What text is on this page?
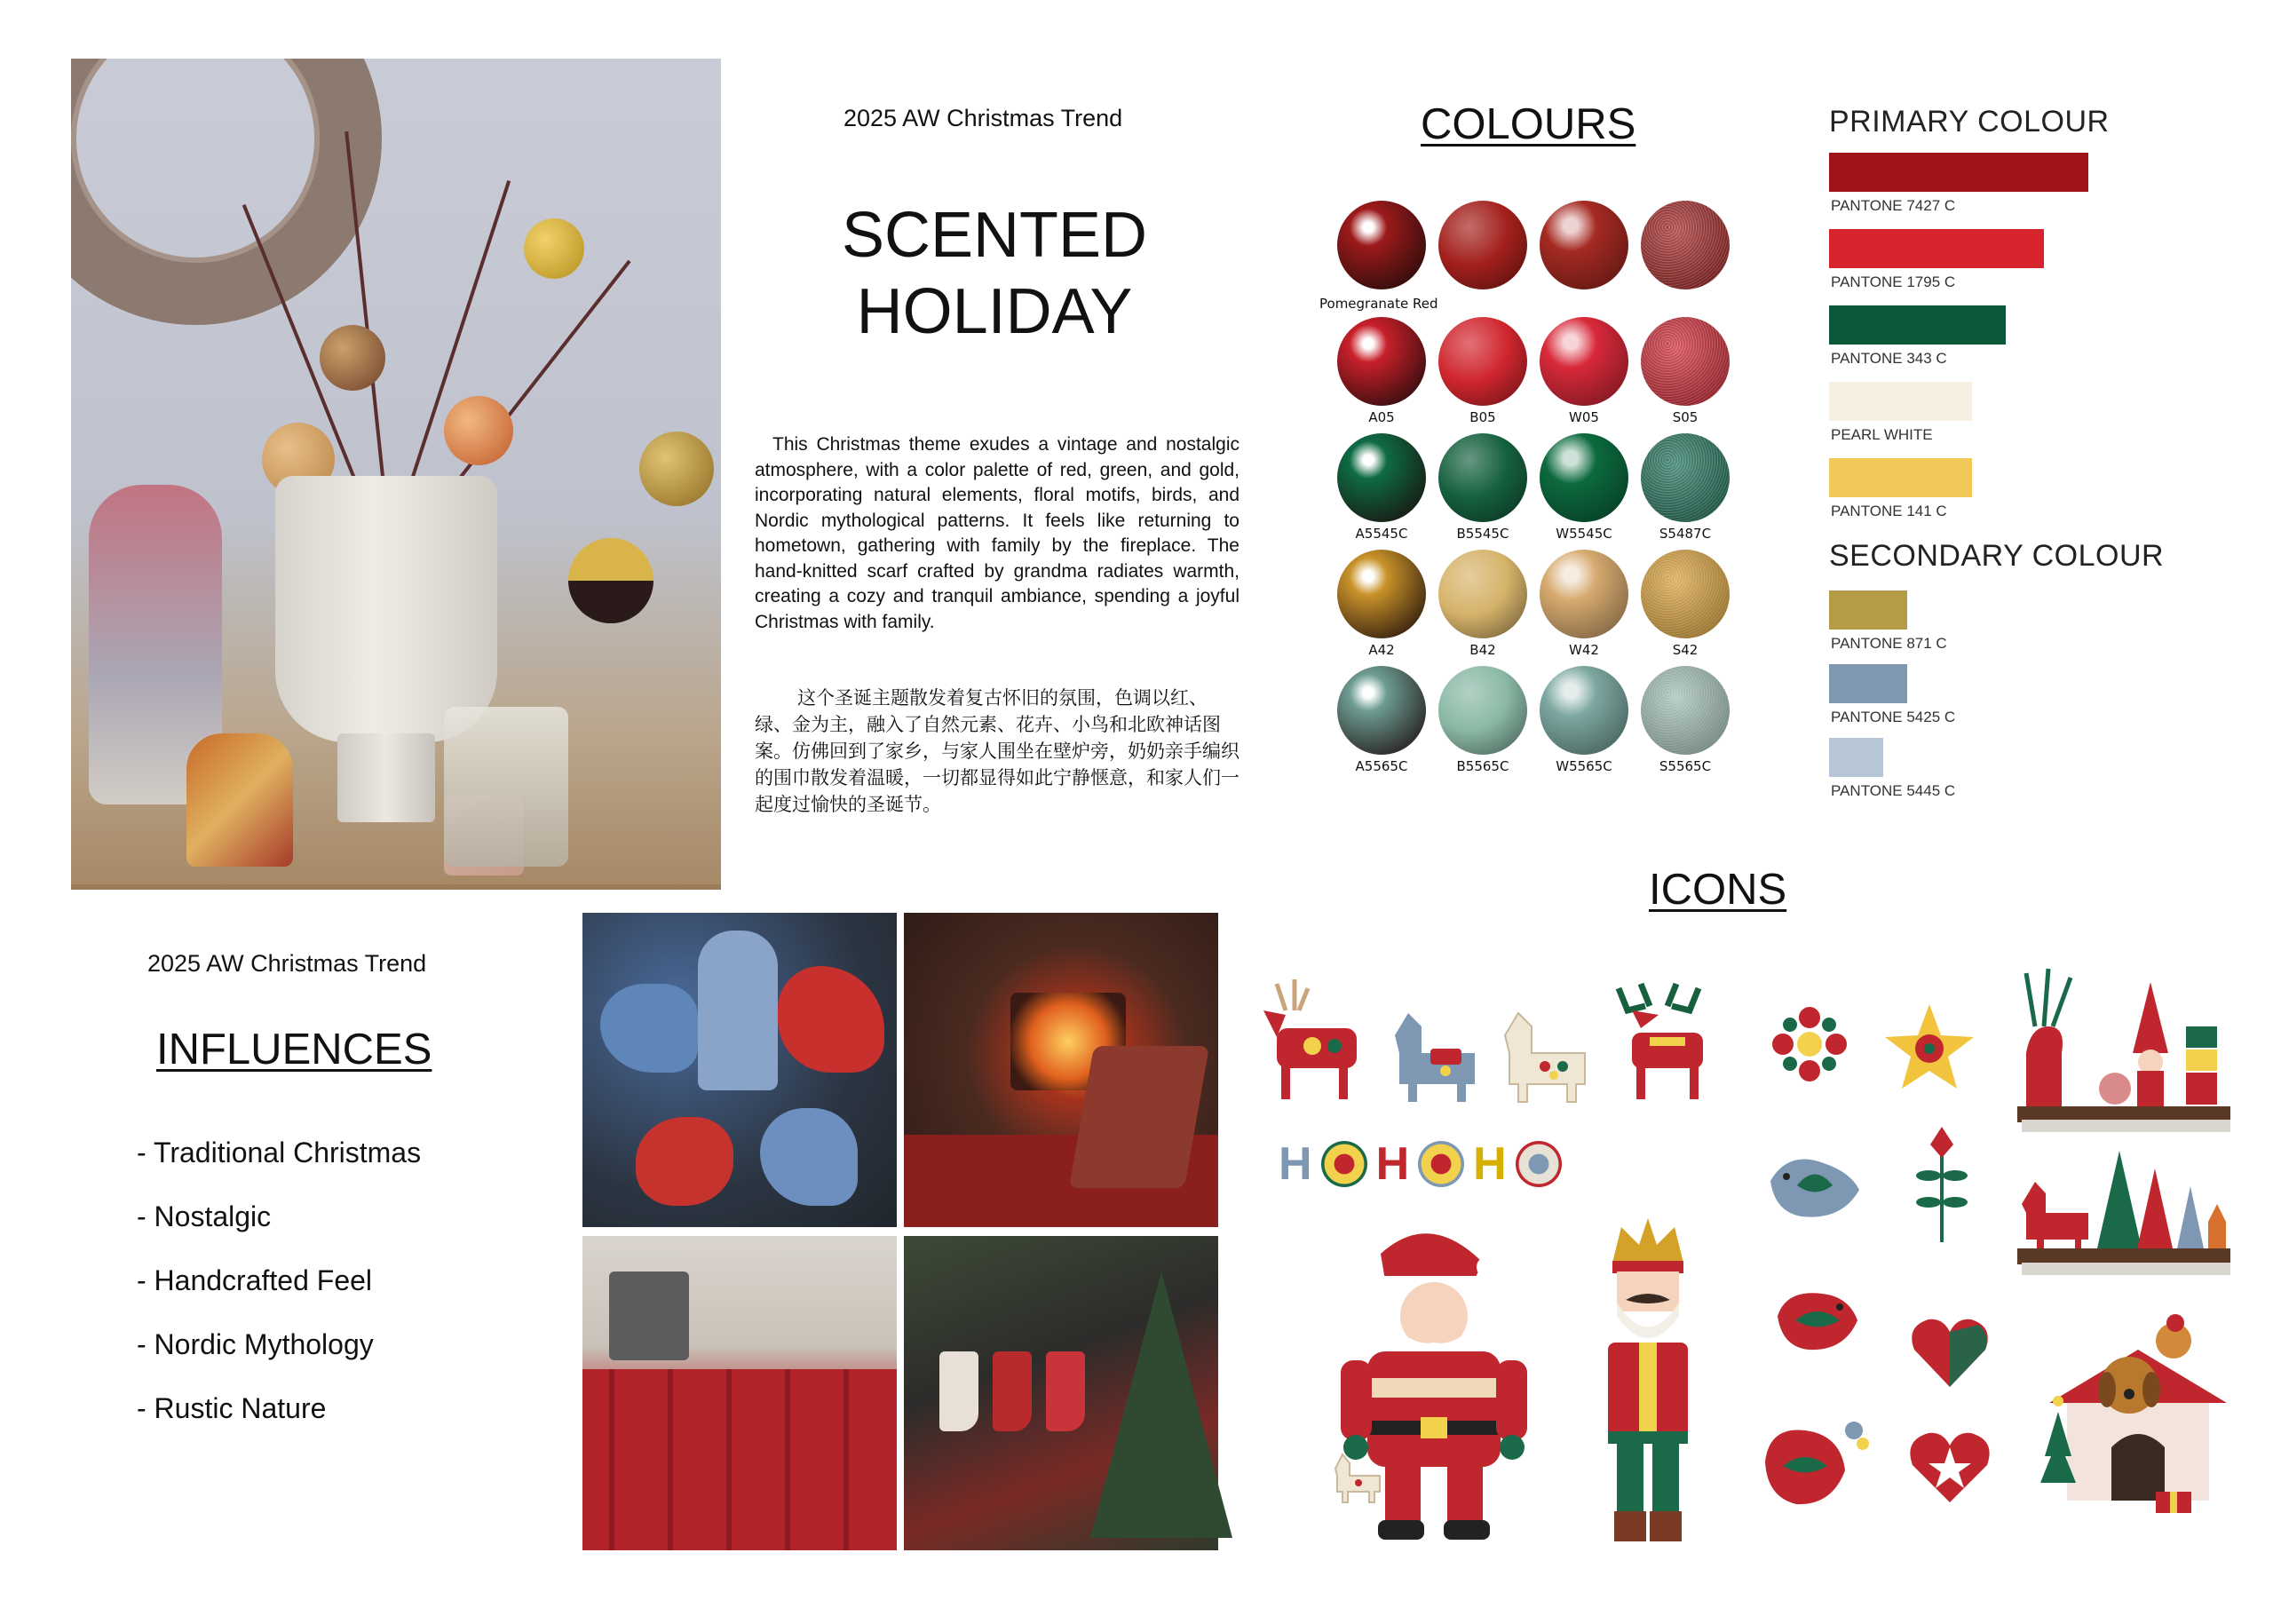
2025 AW Christmas Trend
SCENTED
HOLIDAY
This Christmas theme exudes a vintage and nostalgic atmosphere, with a color palette of red, green, and gold, incorporating natural elements, floral motifs, birds, and Nordic mythological patterns. It feels like returning to hometown, gathering with family by the fireplace. The hand-knitted scarf crafted by grandma radiates warmth, creating a cozy and tranquil ambiance, spending a joyful Christmas with family.
这个圣诞主题散发着复古怀旧的氛围，色调以红、绿、金为主，融入了自然元素、花卉、小鸟和北欧神话图案。仿佛回到了家乡，与家人围坐在壁炉旁，奶奶亲手编织的围巾散发着温暖，一切都显得如此宁静惬意，和家人们一起度过愉快的圣诞节。
COLOURS
Pomegranate Red
A05	B05	W05	S05
A5545C	B5545C	W5545C	S5487C
A42	B42	W42	S42
A5565C	B5565C	W5565C	S5565C
PRIMARY COLOUR
SECONDARY COLOUR
PANTONE 7427 C
PANTONE 1795 C
PANTONE 343 C
PEARL WHITE
PANTONE 141 C
PANTONE 871 C
PANTONE 5425 C
PANTONE 5445 C
2025 AW Christmas Trend
INFLUENCES
- Traditional Christmas
- Nostalgic
- Handcrafted Feel
- Nordic Mythology
- Rustic Nature
ICONS
H H H
